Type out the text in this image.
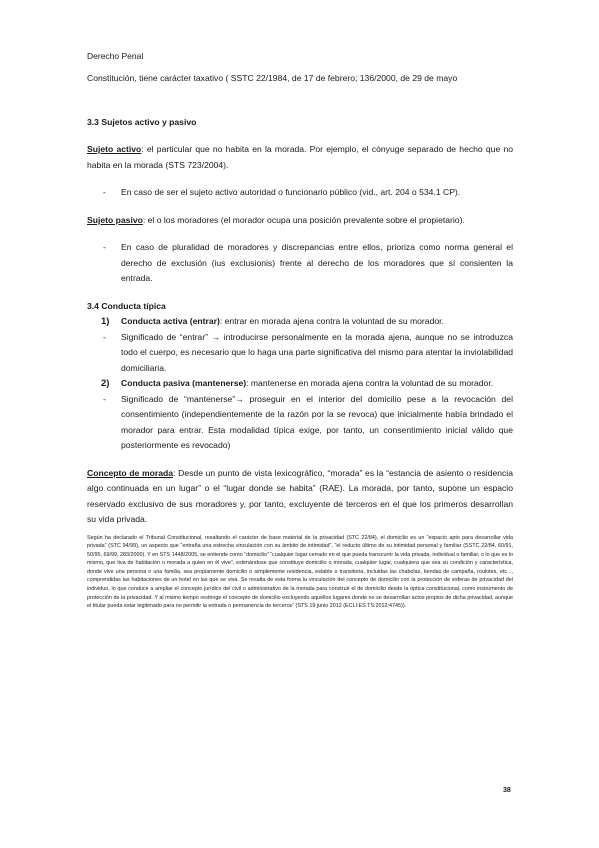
Derecho Penal

Constitución, tiene carácter taxativo ( SSTC 22/1984, de 17 de febrero; 136/2000, de 29 de mayo

3.3 Sujetos activo y pasivo

Sujeto activo: el particular que no habita en la morada. Por ejemplo, el cónyuge separado de hecho que no habita en la morada (STS 723/2004).

-	En caso de ser el sujeto activo autoridad o funcionario público (vid., art. 204 o 534.1 CP).

Sujeto pasivo: el o los moradores (el morador ocupa una posición prevalente sobre el propietario).

-	En caso de pluralidad de moradores y discrepancias entre ellos, prioriza como norma general el derecho de exclusión (ius exclusionis) frente al derecho de los moradores que sí consienten la entrada.

3.4 Conducta típica

1)	Conducta activa (entrar): entrar en morada ajena contra la voluntad de su morador.
-	Significado de “entrar” → introducirse personalmente en la morada ajena, aunque no se introduzca todo el cuerpo, es necesario que lo haga una parte significativa del mismo para atentar la inviolabilidad domiciliaria.
2)	Conducta pasiva (mantenerse): mantenerse en morada ajena contra la voluntad de su morador.
-	Significado de “mantenerse”→ proseguir en el interior del domicilio pese a la revocación del consentimiento (independientemente de la razón por la se revoca) que inicialmente había brindado el morador para entrar. Esta modalidad típica exige, por tanto, un consentimiento inicial válido que posteriormente es revocado)

Concepto de morada: Desde un punto de vista lexicográfico, “morada” es la “estancia de asiento o residencia algo continuada en un lugar” o el “lugar donde se habita” (RAE). La morada, por tanto, supone un espacio reservado exclusivo de sus moradores y, por tanto, excluyente de terceros en el que los primeros desarrollan su vida privada.

Según ha declarado el Tribunal Constitucional, resaltando el carácter de base material de la privacidad (STC 22/84), el domicilio es un “espacio apto para desarrollar vida privada” (STC 94/99), un aspecto que “entraña una estrecha vinculación con su ámbito de intimidad”, “el reducto último de su intimidad personal y familiar (SSTC 22/84, 60/91, 50/95, 69/99, 283/2000). Y en STS 1448/2005, se entiende como “domicilio” “cualquier lugar cerrado en el que pueda transcurrir la vida privada, individual o familiar, o lo que es lo mismo, que tiva de habitación o morada a quien en él vive”, estimándose que constituye domicilio o morada, cualquier lugar, cualquiera que sea su condición y característica, donde vive una persona o una familia, sea propiamente domicilio o simplemente residencia, estable o transitoria, incluidas las chabolas, tiendas de campaña, roulotes, etc..., comprendidas las habitaciones de un hotel en las que se viva. Se resalta de esta forma la vinculación del concepto de domicilio con la protección de esferas de privacidad del individuo, lo que conduce a ampliar el concepto jurídico del civil o administrativo de la morada para construir el de domicilio desde la óptica constitucional, como instrumento de protección de la privacidad. Y al mismo tiempo restringe el concepto de domicilio excluyendo aquellos lugares donde no se desarrollan actos propios de dicha privacidad, aunque el titular pueda estar legitimado para no permitir la entrada o permanencia de terceros” (STS 19 junio 2012 (ECLI:ES:TS:2012:4745)).

38
